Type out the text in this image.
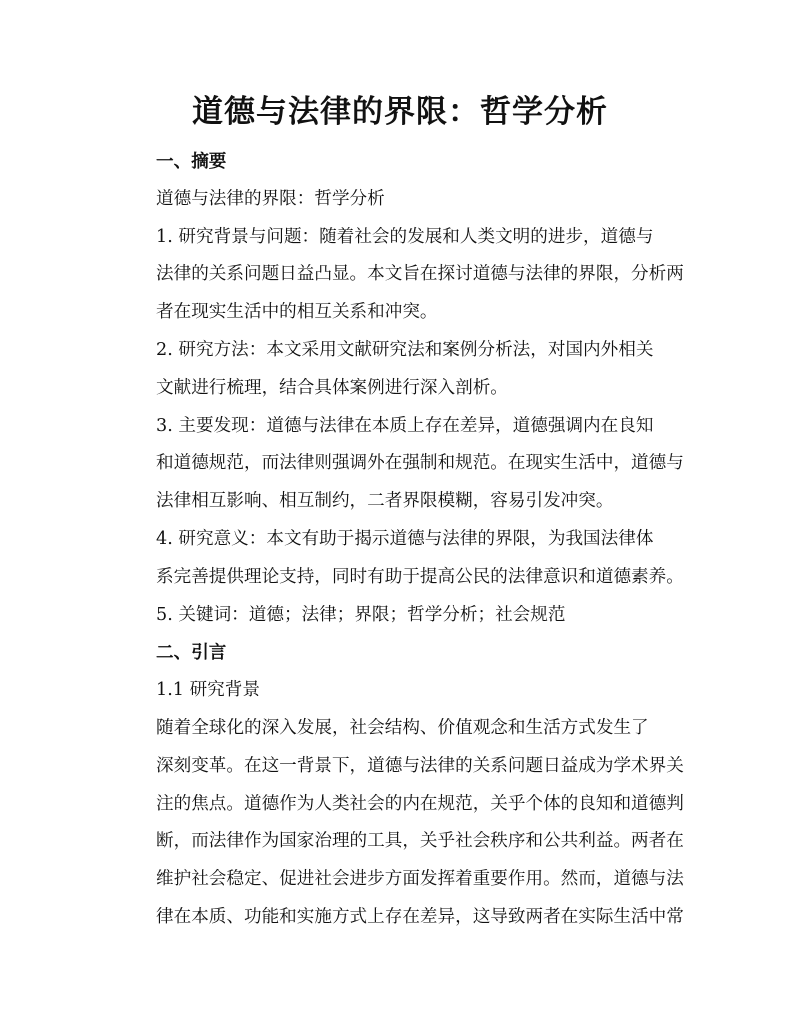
道德与法律的界限：哲学分析

一、摘要

道德与法律的界限：哲学分析

1. 研究背景与问题：随着社会的发展和人类文明的进步，道德与
法律的关系问题日益凸显。本文旨在探讨道德与法律的界限，分析两
者在现实生活中的相互关系和冲突。

2. 研究方法：本文采用文献研究法和案例分析法，对国内外相关
文献进行梳理，结合具体案例进行深入剖析。

3. 主要发现：道德与法律在本质上存在差异，道德强调内在良知
和道德规范，而法律则强调外在强制和规范。在现实生活中，道德与
法律相互影响、相互制约，二者界限模糊，容易引发冲突。

4. 研究意义：本文有助于揭示道德与法律的界限，为我国法律体
系完善提供理论支持，同时有助于提高公民的法律意识和道德素养。

5. 关键词：道德；法律；界限；哲学分析；社会规范

二、引言

1.1 研究背景

随着全球化的深入发展，社会结构、价值观念和生活方式发生了
深刻变革。在这一背景下，道德与法律的关系问题日益成为学术界关
注的焦点。道德作为人类社会的内在规范，关乎个体的良知和道德判
断，而法律作为国家治理的工具，关乎社会秩序和公共利益。两者在
维护社会稳定、促进社会进步方面发挥着重要作用。然而，道德与法
律在本质、功能和实施方式上存在差异，这导致两者在实际生活中常
